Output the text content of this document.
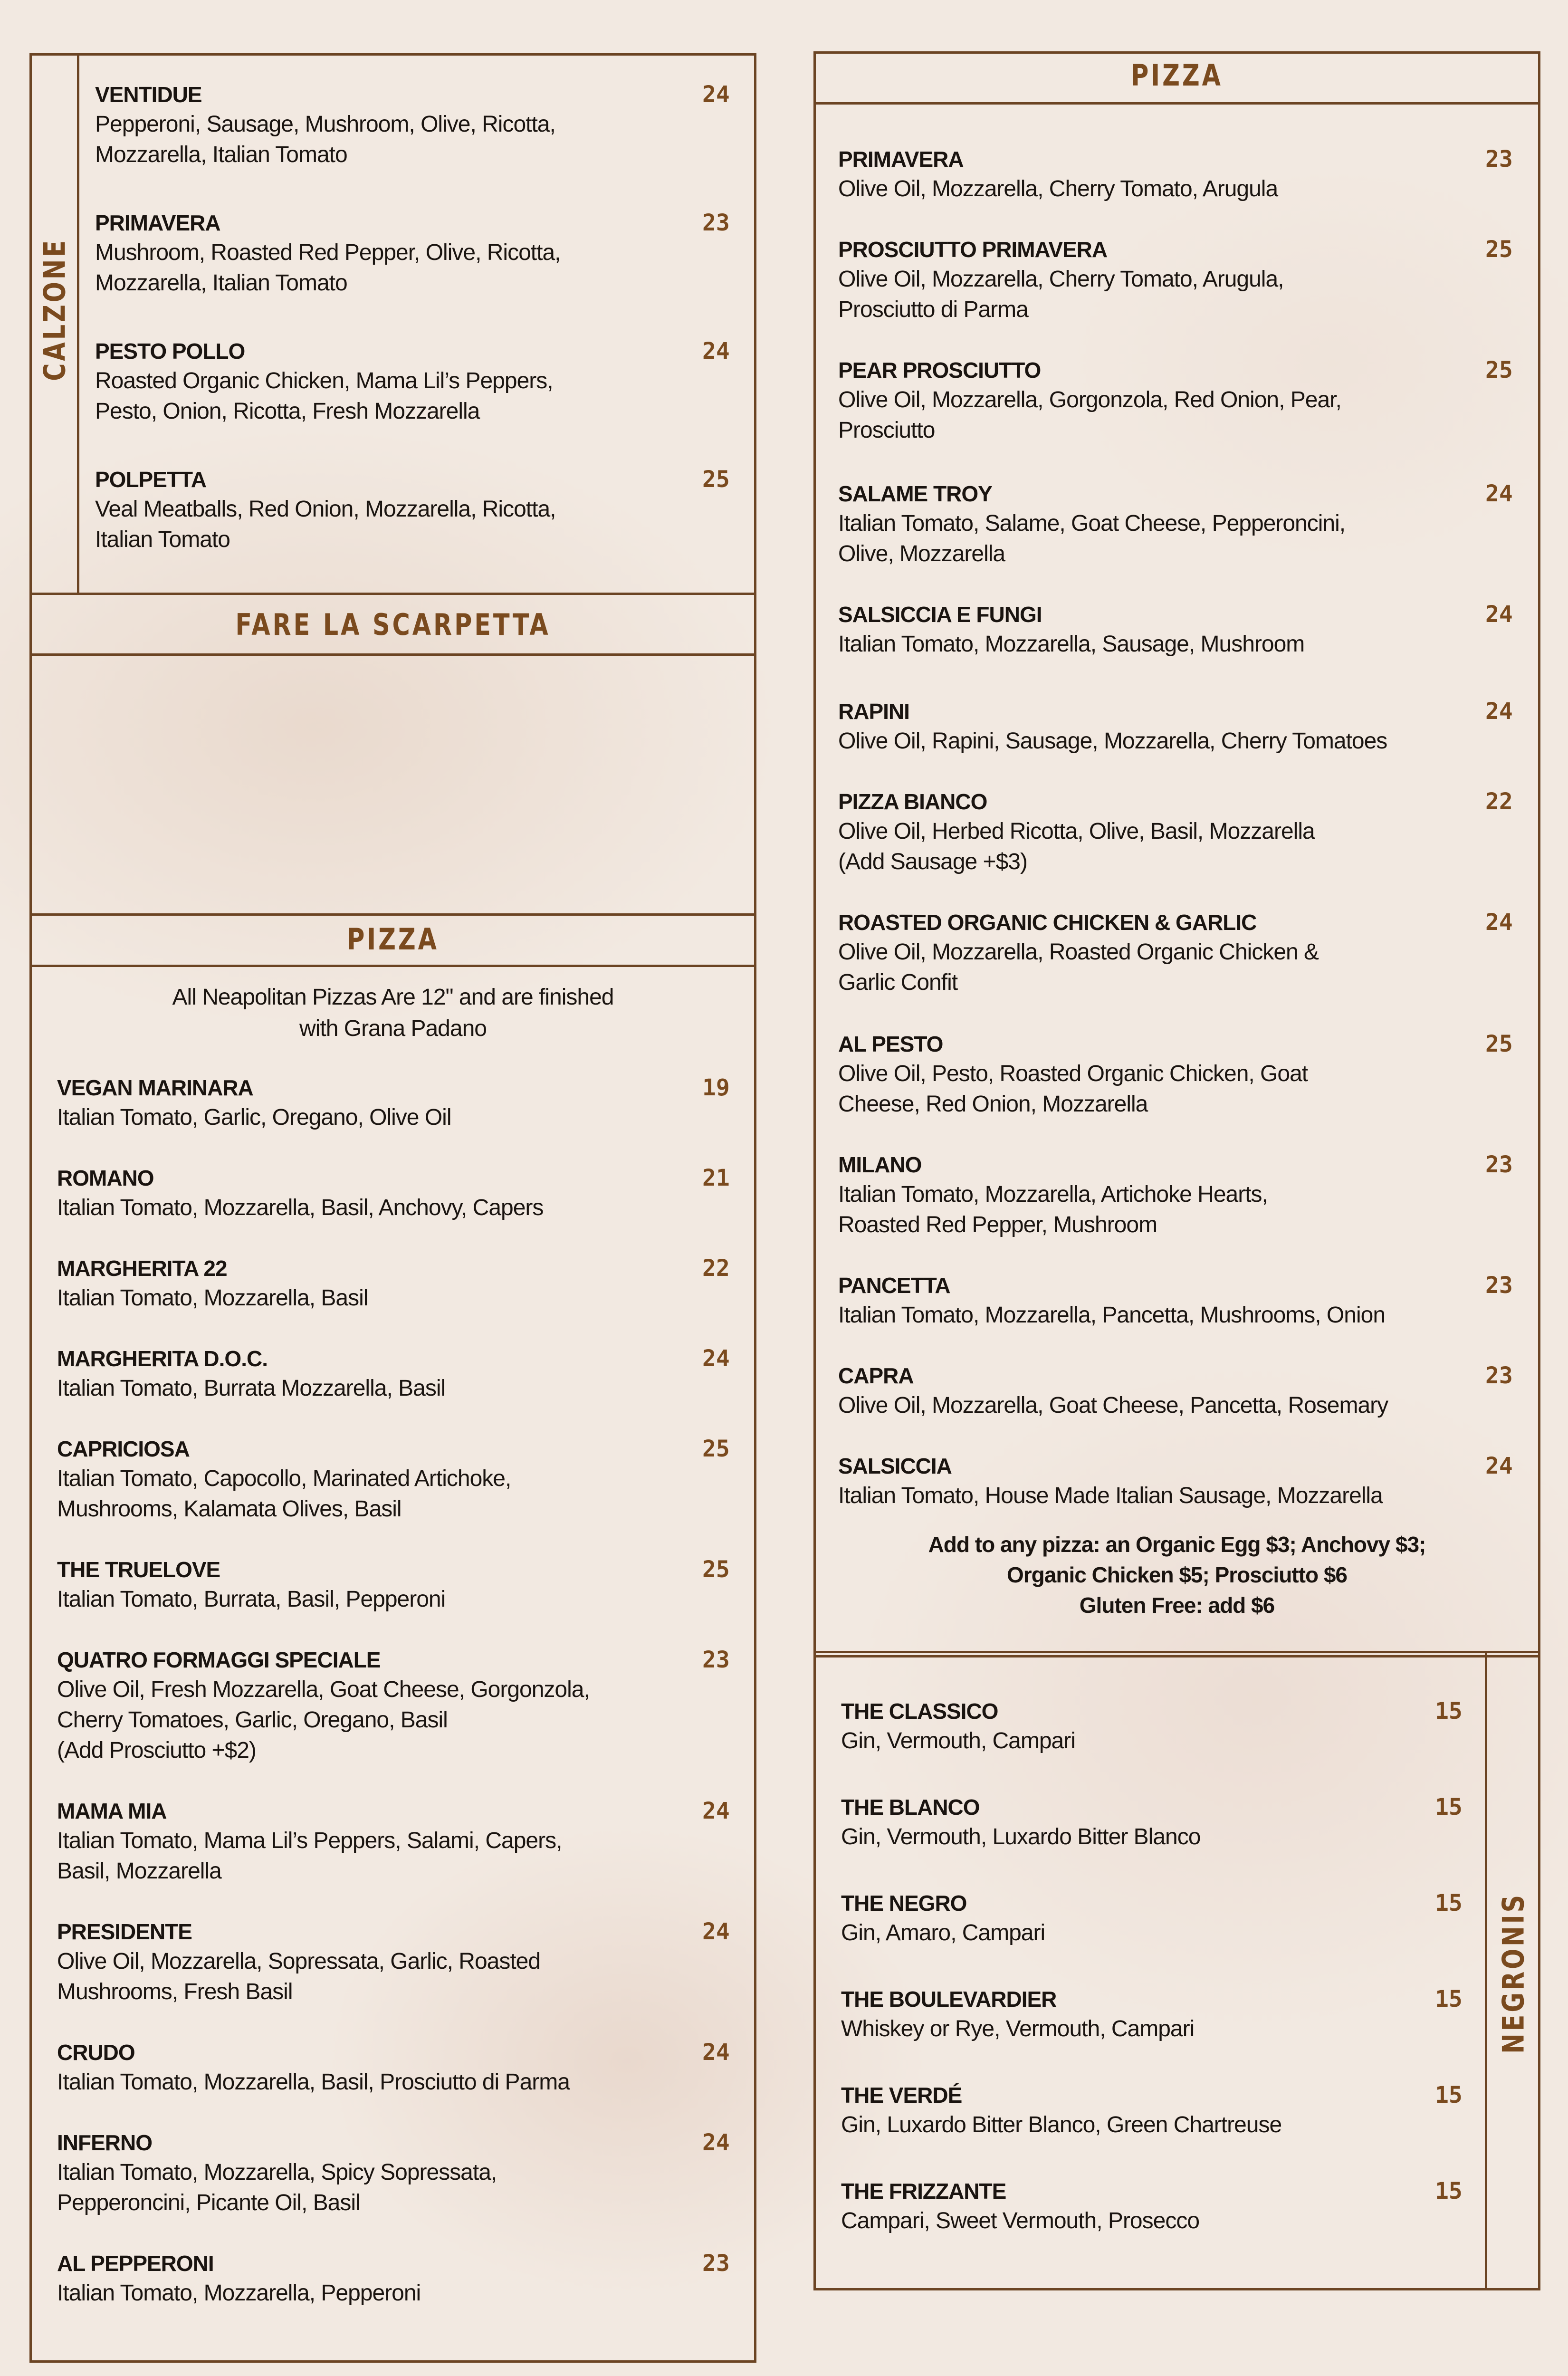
CALZONE
VENTIDUE
Pepperoni, Sausage, Mushroom, Olive, Ricotta,
Mozzarella, Italian Tomato
24
PRIMAVERA
Mushroom, Roasted Red Pepper, Olive, Ricotta,
Mozzarella, Italian Tomato
23
PESTO POLLO
Roasted Organic Chicken, Mama Lil’s Peppers,
Pesto, Onion, Ricotta, Fresh Mozzarella
24
POLPETTA
Veal Meatballs, Red Onion, Mozzarella, Ricotta,
Italian Tomato
25
FARE LA SCARPETTA
PIZZA
All Neapolitan Pizzas Are 12" and are finished
with Grana Padano
VEGAN MARINARA
Italian Tomato, Garlic, Oregano, Olive Oil
19
ROMANO
Italian Tomato, Mozzarella, Basil, Anchovy, Capers
21
MARGHERITA 22
Italian Tomato, Mozzarella, Basil
22
MARGHERITA D.O.C.
Italian Tomato, Burrata Mozzarella, Basil
24
CAPRICIOSA
Italian Tomato, Capocollo, Marinated Artichoke,
Mushrooms, Kalamata Olives, Basil
25
THE TRUELOVE
Italian Tomato, Burrata, Basil, Pepperoni
25
QUATRO FORMAGGI SPECIALE
Olive Oil, Fresh Mozzarella, Goat Cheese, Gorgonzola,
Cherry Tomatoes, Garlic, Oregano, Basil
(Add Prosciutto +$2)
23
MAMA MIA
Italian Tomato, Mama Lil’s Peppers, Salami, Capers,
Basil, Mozzarella
24
PRESIDENTE
Olive Oil, Mozzarella, Sopressata, Garlic, Roasted
Mushrooms, Fresh Basil
24
CRUDO
Italian Tomato, Mozzarella, Basil, Prosciutto di Parma
24
INFERNO
Italian Tomato, Mozzarella, Spicy Sopressata,
Pepperoncini, Picante Oil, Basil
24
AL PEPPERONI
Italian Tomato, Mozzarella, Pepperoni
23
PIZZA
PRIMAVERA
Olive Oil, Mozzarella, Cherry Tomato, Arugula
23
PROSCIUTTO PRIMAVERA
Olive Oil, Mozzarella, Cherry Tomato, Arugula,
Prosciutto di Parma
25
PEAR PROSCIUTTO
Olive Oil, Mozzarella, Gorgonzola, Red Onion, Pear,
Prosciutto
25
SALAME TROY
Italian Tomato, Salame, Goat Cheese, Pepperoncini,
Olive, Mozzarella
24
SALSICCIA E FUNGI
Italian Tomato, Mozzarella, Sausage, Mushroom
24
RAPINI
Olive Oil, Rapini, Sausage, Mozzarella, Cherry Tomatoes
24
PIZZA BIANCO
Olive Oil, Herbed Ricotta, Olive, Basil, Mozzarella
(Add Sausage +$3)
22
ROASTED ORGANIC CHICKEN & GARLIC
Olive Oil, Mozzarella, Roasted Organic Chicken &
Garlic Confit
24
AL PESTO
Olive Oil, Pesto, Roasted Organic Chicken, Goat
Cheese, Red Onion, Mozzarella
25
MILANO
Italian Tomato, Mozzarella, Artichoke Hearts,
Roasted Red Pepper, Mushroom
23
PANCETTA
Italian Tomato, Mozzarella, Pancetta, Mushrooms, Onion
23
CAPRA
Olive Oil, Mozzarella, Goat Cheese, Pancetta, Rosemary
23
SALSICCIA
Italian Tomato, House Made Italian Sausage, Mozzarella
24
Add to any pizza: an Organic Egg $3; Anchovy $3;
Organic Chicken $5; Prosciutto $6
Gluten Free: add $6
NEGRONIS
THE CLASSICO
Gin, Vermouth, Campari
15
THE BLANCO
Gin, Vermouth, Luxardo Bitter Blanco
15
THE NEGRO
Gin, Amaro, Campari
15
THE BOULEVARDIER
Whiskey or Rye, Vermouth, Campari
15
THE VERDÉ
Gin, Luxardo Bitter Blanco, Green Chartreuse
15
THE FRIZZANTE
Campari, Sweet Vermouth, Prosecco
15
